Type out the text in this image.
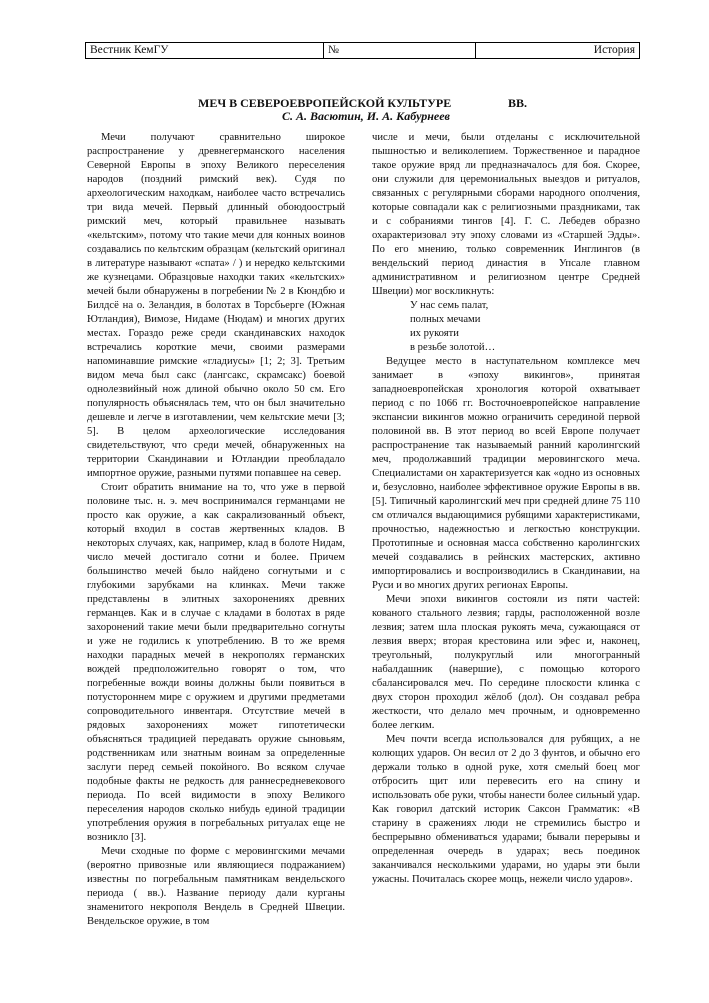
Вестник КемГУ	№	История
МЕЧ В СЕВЕРОЕВРОПЕЙСКОЙ КУЛЬТУРЕ	ВВ.
С. А. Васютин, И. А. Кабурнеев

Мечи получают сравнительно широкое распространение у древнегерманского населения Северной Европы в эпоху Великого переселения народов (поздний римский век). Судя по археологическим находкам, наиболее часто встречались три вида мечей. Первый длинный обоюдоострый римский меч, который правильнее называть «кельтским», потому что такие мечи для конных воинов создавались по кельтским образцам (кельтский оригинал в литературе называют «спата» / ) и нередко кельтскими же кузнецами. Образцовые находки таких «кельтских» мечей были обнаружены в погребении № 2 в Кюндбю и Билдсё на о. Зеландия, в болотах в Торсбьерге (Южная Ютландия), Вимозе, Нидаме (Нюдам) и многих других местах. Гораздо реже среди скандинавских находок встречались короткие мечи, своими размерами напоминавшие римские «гладиусы» [1; 2; 3]. Третьим видом меча был сакс (лангсакс, скрамсакс) боевой однолезвийный нож длиной обычно около 50 см. Его популярность объяснялась тем, что он был значительно дешевле и легче в изготавлении, чем кельтские мечи [3; 5]. В целом археологические исследования свидетельствуют, что среди мечей, обнаруженных на территории Скандинавии и Ютландии преобладало импортное оружие, разными путями попавшее на север.

Стоит обратить внимание на то, что уже в первой половине тыс. н. э. меч воспринимался германцами не просто как оружие, а как сакрализованный объект, который входил в состав жертвенных кладов. В некоторых случаях, как, например, клад в болоте Нидам, число мечей достигало сотни и более. Причем большинство мечей было найдено согнутыми и с глубокими зарубками на клинках. Мечи также представлены в элитных захоронениях древних германцев. Как и в случае с кладами в болотах в ряде захоронений такие мечи были предварительно согнуты и уже не годились к употреблению. В то же время находки парадных мечей в некрополях германских вождей предположительно говорят о том, что погребенные вожди воины должны были появиться в потустороннем мире с оружием и другими предметами сопроводительного инвентаря. Отсутствие мечей в рядовых захоронениях может гипотетически объясняться традицией передавать оружие сыновьям, родственникам или знатным воинам за определенные заслуги перед семьей покойного. Во всяком случае подобные факты не редкость для раннесредневекового периода. По всей видимости в эпоху Великого переселения народов сколько нибудь единой традиции употребления оружия в погребальных ритуалах еще не возникло [3].

Мечи сходные по форме с меровингскими мечами (вероятно привозные или являющиеся подражанием) известны по погребальным памятникам вендельского периода ( вв.). Название периоду дали курганы знаменитого некрополя Вендель в Средней Швеции. Вендельское оружие, в том

числе и мечи, были отделаны с исключительной пышностью и великолепием. Торжественное и парадное такое оружие вряд ли предназначалось для боя. Скорее, они служили для церемониальных выездов и ритуалов, связанных с регулярными сборами народного ополчения, которые совпадали как с религиозными праздниками, так и с собраниями тингов [4]. Г. С. Лебедев образно охарактеризовал эту эпоху словами из «Старшей Эдды». По его мнению, только современник Инглингов (в вендельский период династия в Упсале главном административном и религиозном центре Средней Швеции) мог воскликнуть:

У нас семь палат,

полных мечами

их рукояти

в резьбе золотой…

Ведущее место в наступательном комплексе меч занимает в «эпоху викингов», принятая западноевропейская хронология которой охватывает период с по 1066 гг. Восточноевропейское направление экспансии викингов можно ограничить серединой первой половиной вв. В этот период во всей Европе получает распространение так называемый ранний каролингский меч, продолжавший традиции меровингского меча. Специалистами он характеризуется как «одно из основных и, безусловно, наиболее эффективное оружие Европы в вв. [5]. Типичный каролингский меч при средней длине 75 110 см отличался выдающимися рубящими характеристиками, прочностью, надежностью и легкостью конструкции. Прототипные и основная масса собственно каролингских мечей создавались в рейнских мастерских, активно импортировались и воспроизводились в Скандинавии, на Руси и во многих других регионах Европы.

Мечи эпохи викингов состояли из пяти частей: кованого стального лезвия; гарды, расположенной возле лезвия; затем шла плоская рукоять меча, сужающаяся от лезвия вверх; вторая крестовина или эфес и, наконец, треугольный, полукруглый или многогранный набалдашник (навершие), с помощью которого сбалансировался меч. По середине плоскости клинка с двух сторон проходил жёлоб (дол). Он создавал ребра жесткости, что делало меч прочным, и одновременно более легким.

Меч почти всегда использовался для рубящих, а не колющих ударов. Он весил от 2 до 3 фунтов, и обычно его держали только в одной руке, хотя смелый боец мог отбросить щит или перевесить его на спину и использовать обе руки, чтобы нанести более сильный удар. Как говорил датский историк Саксон Грамматик: «В старину в сражениях люди не стремились быстро и беспрерывно обмениваться ударами; бывали перерывы и определенная очередь в ударах; весь поединок заканчивался несколькими ударами, но удары эти были ужасны. Почиталась скорее мощь, нежели число ударов».
